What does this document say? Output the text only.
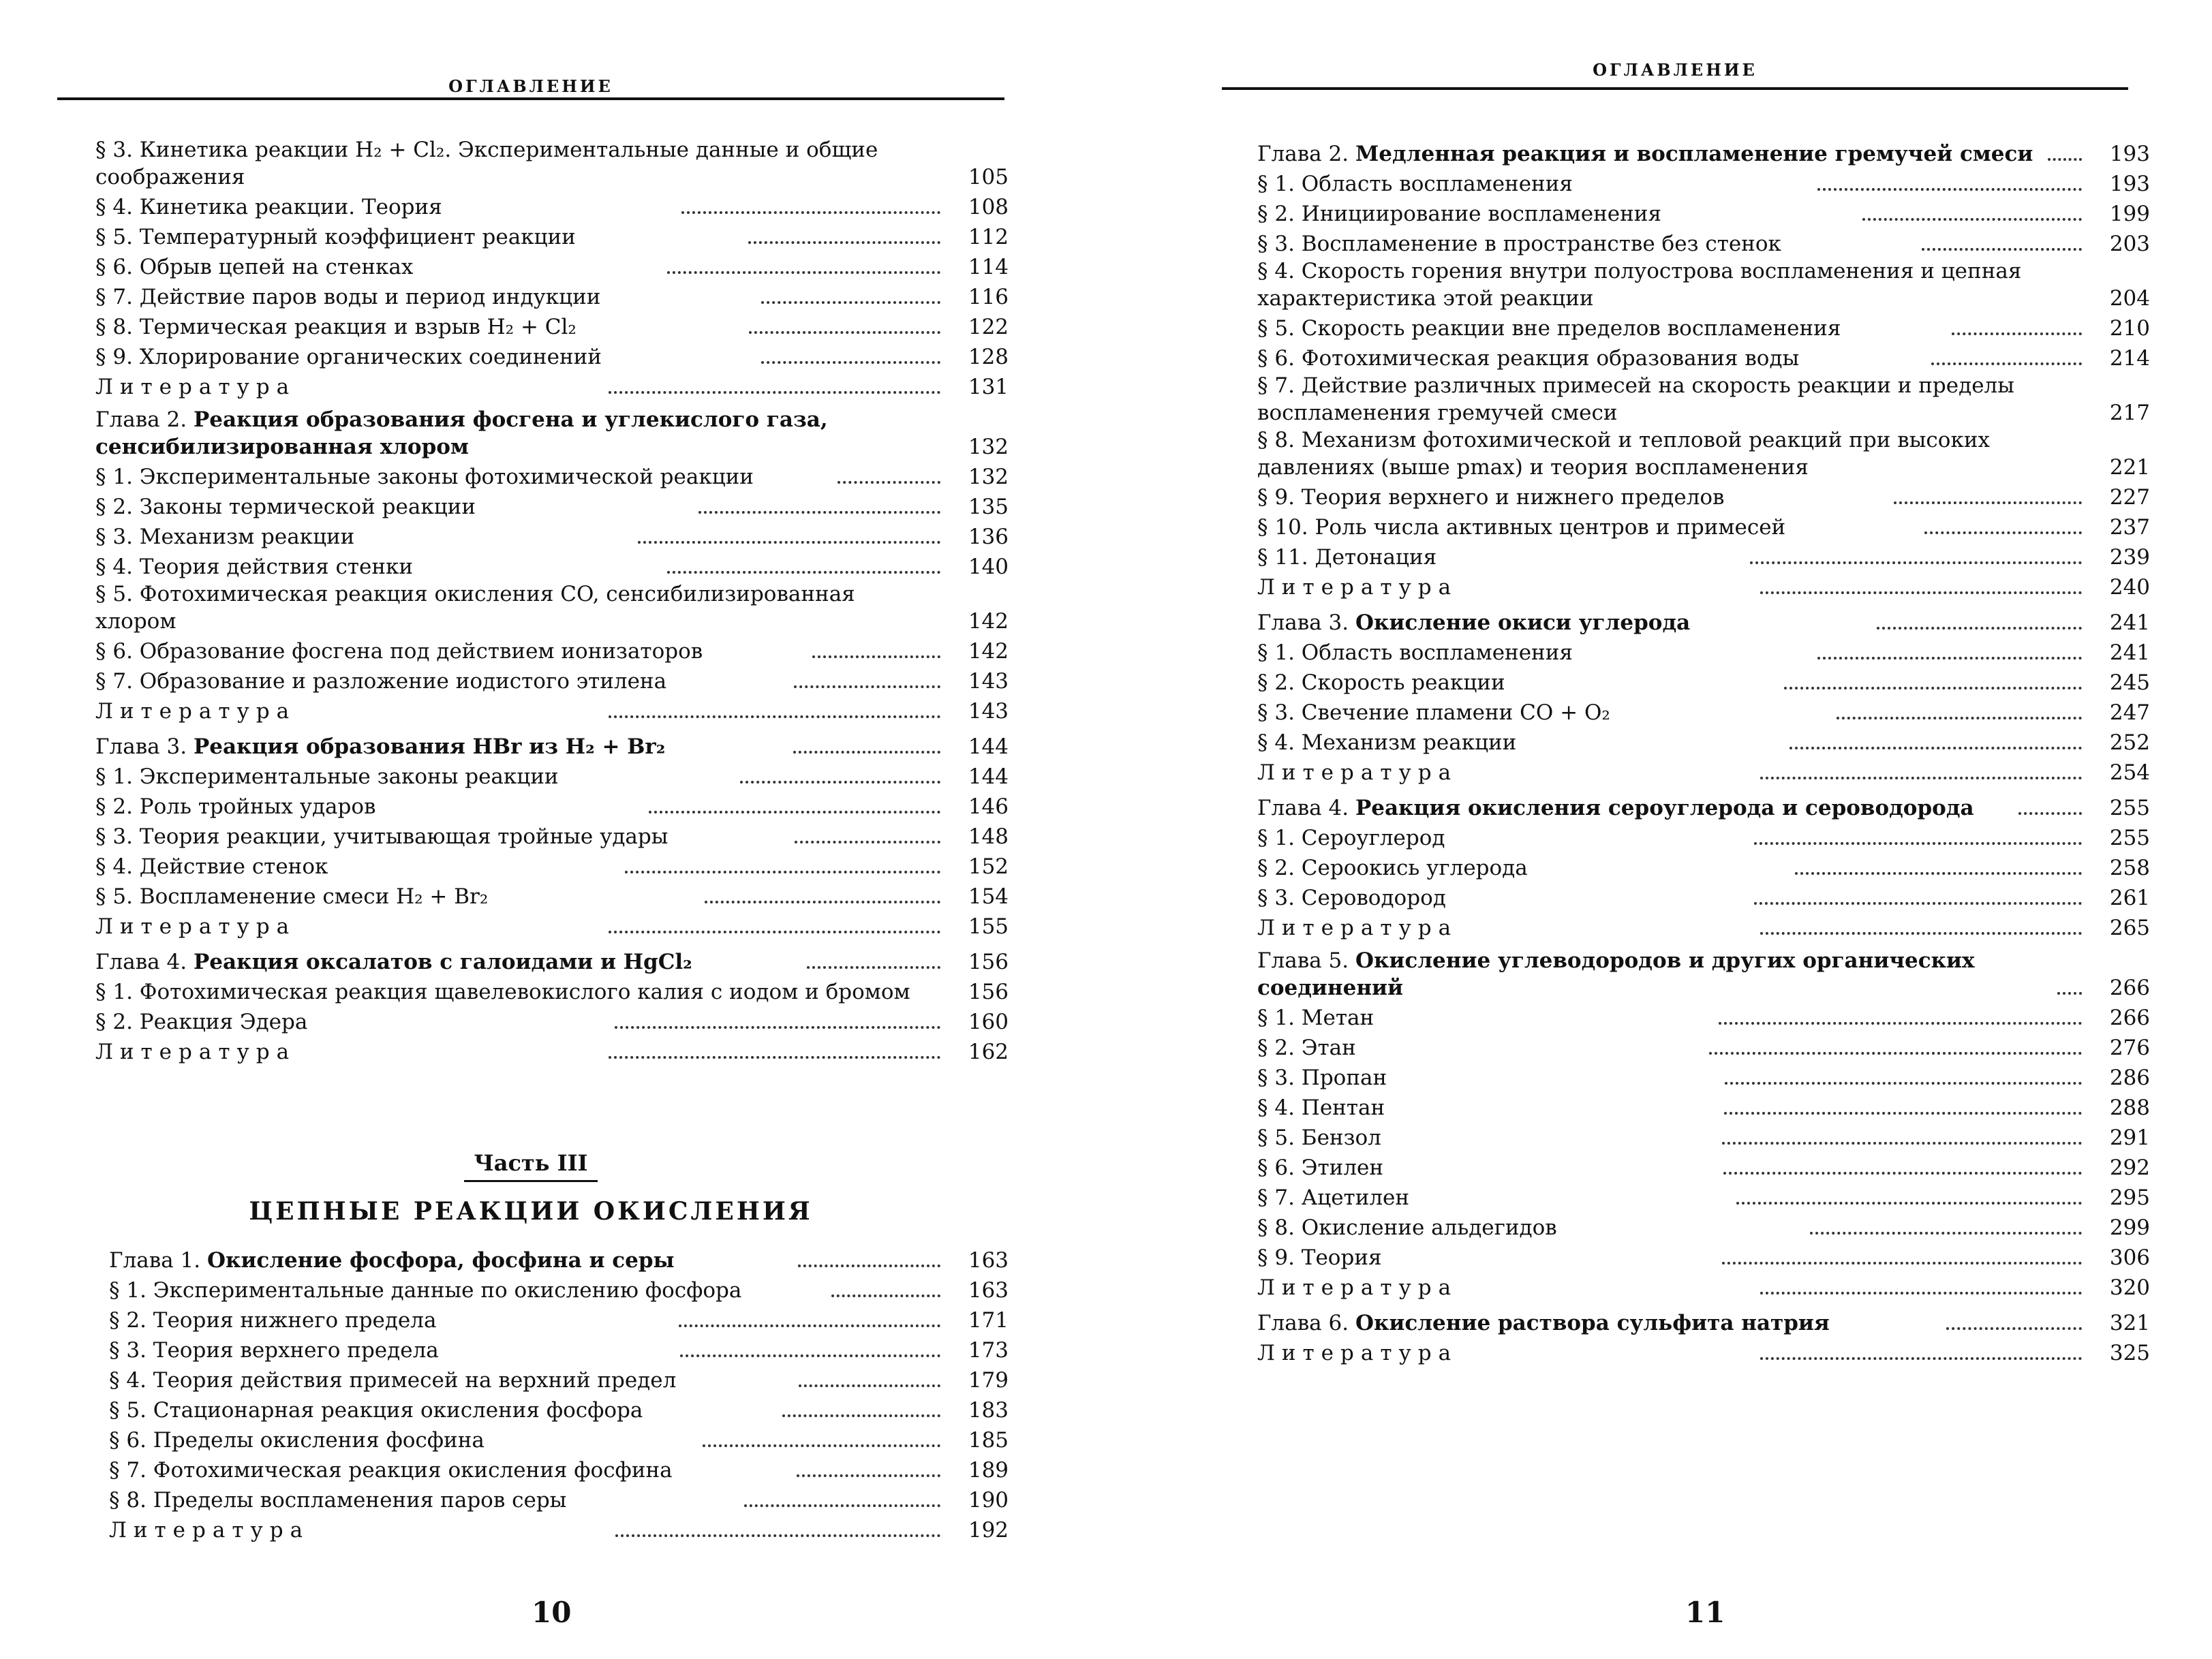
ОГЛАВЛЕНИЕ
§ 3. Кинетика реакции H₂ + Cl₂. Экспериментальные данные и общие соображения	105
§ 4. Кинетика реакции. Теория	108
§ 5. Температурный коэффициент реакции	112
§ 6. Обрыв цепей на стенках	114
§ 7. Действие паров воды и период индукции	116
§ 8. Термическая реакция и взрыв H₂ + Cl₂	122
§ 9. Хлорирование органических соединений	128
Литература	131
Глава 2. Реакция образования фосгена и углекислого газа, сенсибилизированная хлором	132
§ 1. Экспериментальные законы фотохимической реакции	132
§ 2. Законы термической реакции	135
§ 3. Механизм реакции	136
§ 4. Теория действия стенки	140
§ 5. Фотохимическая реакция окисления CO, сенсибилизированная хлором	142
§ 6. Образование фосгена под действием ионизаторов	142
§ 7. Образование и разложение иодистого этилена	143
Литература	143
Глава 3. Реакция образования HBr из H₂ + Br₂	144
§ 1. Экспериментальные законы реакции	144
§ 2. Роль тройных ударов	146
§ 3. Теория реакции, учитывающая тройные удары	148
§ 4. Действие стенок	152
§ 5. Воспламенение смеси H₂ + Br₂	154
Литература	155
Глава 4. Реакция оксалатов с галоидами и HgCl₂	156
§ 1. Фотохимическая реакция щавелевокислого калия с иодом и бромом	156
§ 2. Реакция Эдера	160
Литература	162
Часть III
ЦЕПНЫЕ РЕАКЦИИ ОКИСЛЕНИЯ
Глава 1. Окисление фосфора, фосфина и серы	163
§ 1. Экспериментальные данные по окислению фосфора	163
§ 2. Теория нижнего предела	171
§ 3. Теория верхнего предела	173
§ 4. Теория действия примесей на верхний предел	179
§ 5. Стационарная реакция окисления фосфора	183
§ 6. Пределы окисления фосфина	185
§ 7. Фотохимическая реакция окисления фосфина	189
§ 8. Пределы воспламенения паров серы	190
Литература	192
10
ОГЛАВЛЕНИЕ
Глава 2. Медленная реакция и воспламенение гремучей смеси	193
§ 1. Область воспламенения	193
§ 2. Инициирование воспламенения	199
§ 3. Воспламенение в пространстве без стенок	203
§ 4. Скорость горения внутри полуострова воспламенения и цепная характеристика этой реакции	204
§ 5. Скорость реакции вне пределов воспламенения	210
§ 6. Фотохимическая реакция образования воды	214
§ 7. Действие различных примесей на скорость реакции и пределы воспламенения гремучей смеси	217
§ 8. Механизм фотохимической и тепловой реакций при высоких давлениях (выше pmax) и теория воспламенения	221
§ 9. Теория верхнего и нижнего пределов	227
§ 10. Роль числа активных центров и примесей	237
§ 11. Детонация	239
Литература	240
Глава 3. Окисление окиси углерода	241
§ 1. Область воспламенения	241
§ 2. Скорость реакции	245
§ 3. Свечение пламени CO + O₂	247
§ 4. Механизм реакции	252
Литература	254
Глава 4. Реакция окисления сероуглерода и сероводорода	255
§ 1. Сероуглерод	255
§ 2. Сероокись углерода	258
§ 3. Сероводород	261
Литература	265
Глава 5. Окисление углеводородов и других органических соединений	266
§ 1. Метан	266
§ 2. Этан	276
§ 3. Пропан	286
§ 4. Пентан	288
§ 5. Бензол	291
§ 6. Этилен	292
§ 7. Ацетилен	295
§ 8. Окисление альдегидов	299
§ 9. Теория	306
Литература	320
Глава 6. Окисление раствора сульфита натрия	321
Литература	325
11
